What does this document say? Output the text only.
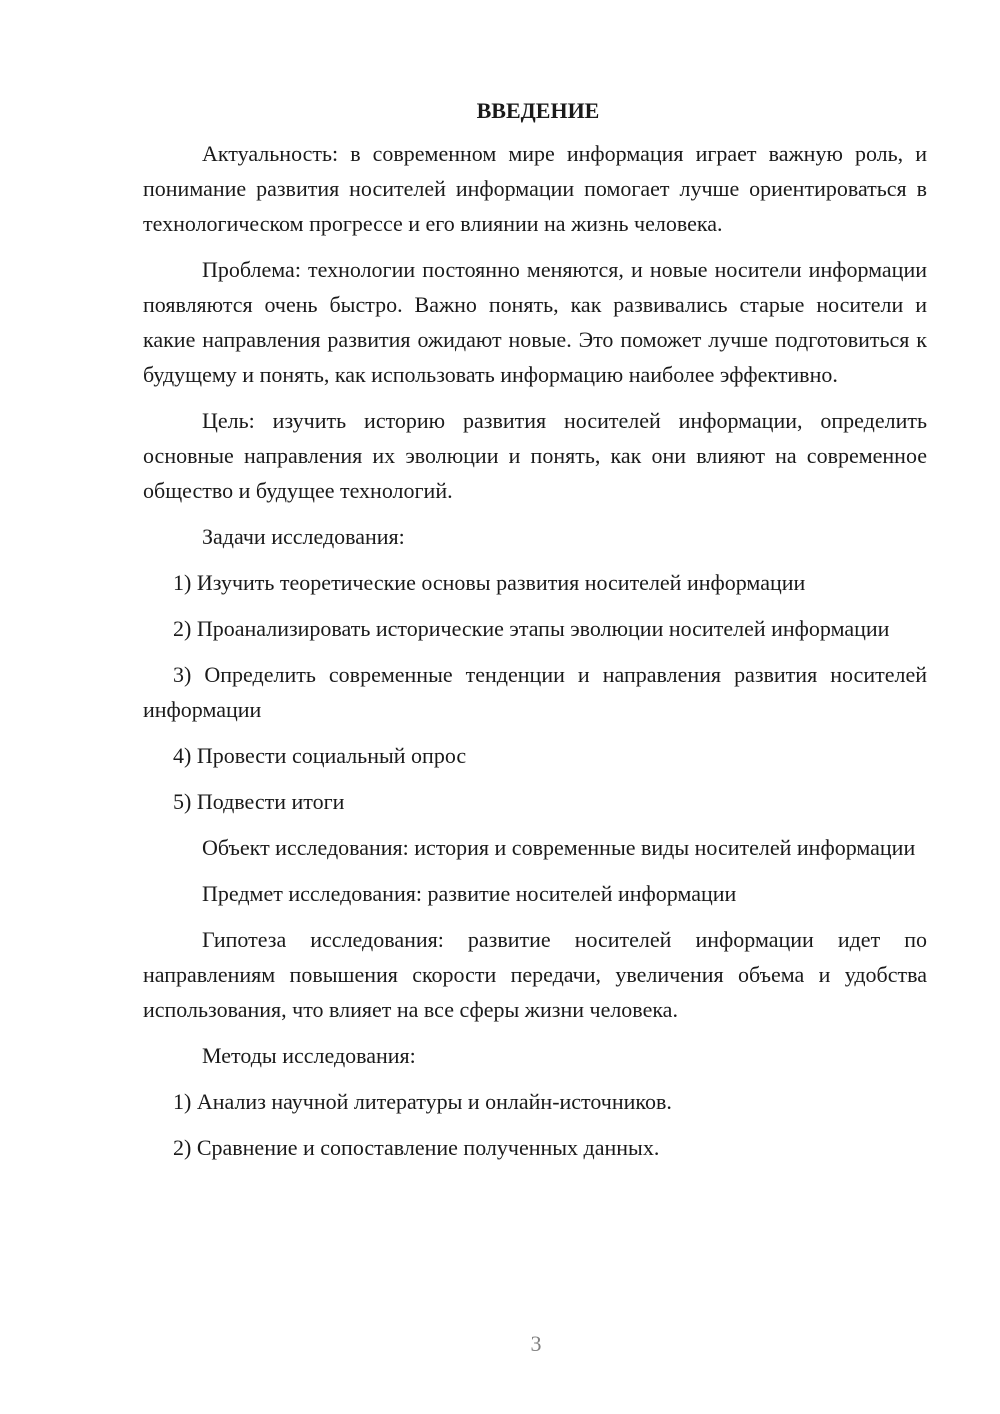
ВВЕДЕНИЕ

Актуальность: в современном мире информация играет важную роль, и понимание развития носителей информации помогает лучше ориентироваться в технологическом прогрессе и его влиянии на жизнь человека.

Проблема: технологии постоянно меняются, и новые носители информации появляются очень быстро. Важно понять, как развивались старые носители и какие направления развития ожидают новые. Это поможет лучше подготовиться к будущему и понять, как использовать информацию наиболее эффективно.

Цель: изучить историю развития носителей информации, определить основные направления их эволюции и понять, как они влияют на современное общество и будущее технологий.

Задачи исследования:

1) Изучить теоретические основы развития носителей информации

2) Проанализировать исторические этапы эволюции носителей информации

3) Определить современные тенденции и направления развития носителей информации

4) Провести социальный опрос

5) Подвести итоги

Объект исследования: история и современные виды носителей информации

Предмет исследования: развитие носителей информации

Гипотеза исследования: развитие носителей информации идет по направлениям повышения скорости передачи, увеличения объема и удобства использования, что влияет на все сферы жизни человека.

Методы исследования:

1) Анализ научной литературы и онлайн-источников.

2) Сравнение и сопоставление полученных данных.

3
